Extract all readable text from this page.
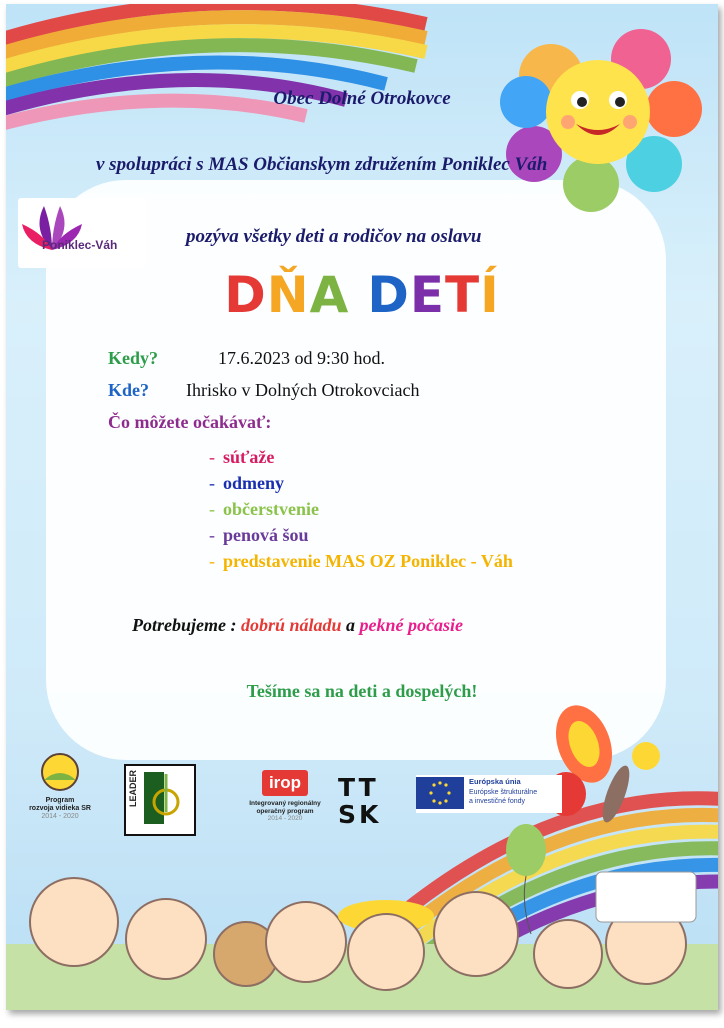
Obec Dolné Otrokovce
v spolupráci s MAS Občianskym združením Poniklec Váh
pozýva všetky deti a rodičov na oslavu
Poniklec-Váh
DŇA DETÍ
Kedy?	17.6.2023 od 9:30 hod.
Kde? Ihrisko v Dolných Otrokovciach
Čo môžete očakávať:
- súťaže
- odmeny
- občerstvenie
- penová šou
- predstavenie MAS OZ Poniklec - Váh
Potrebujeme : dobrú náladu a pekné počasie
Tešíme sa na deti a dospelých!
Program
rozvoja vidieka SR
2014 - 2020
LEADER	irop
Integrovaný regionálny
operačný program
2014 - 2020
TT
SK
Európska únia
Európske štrukturálne
a investičné fondy
